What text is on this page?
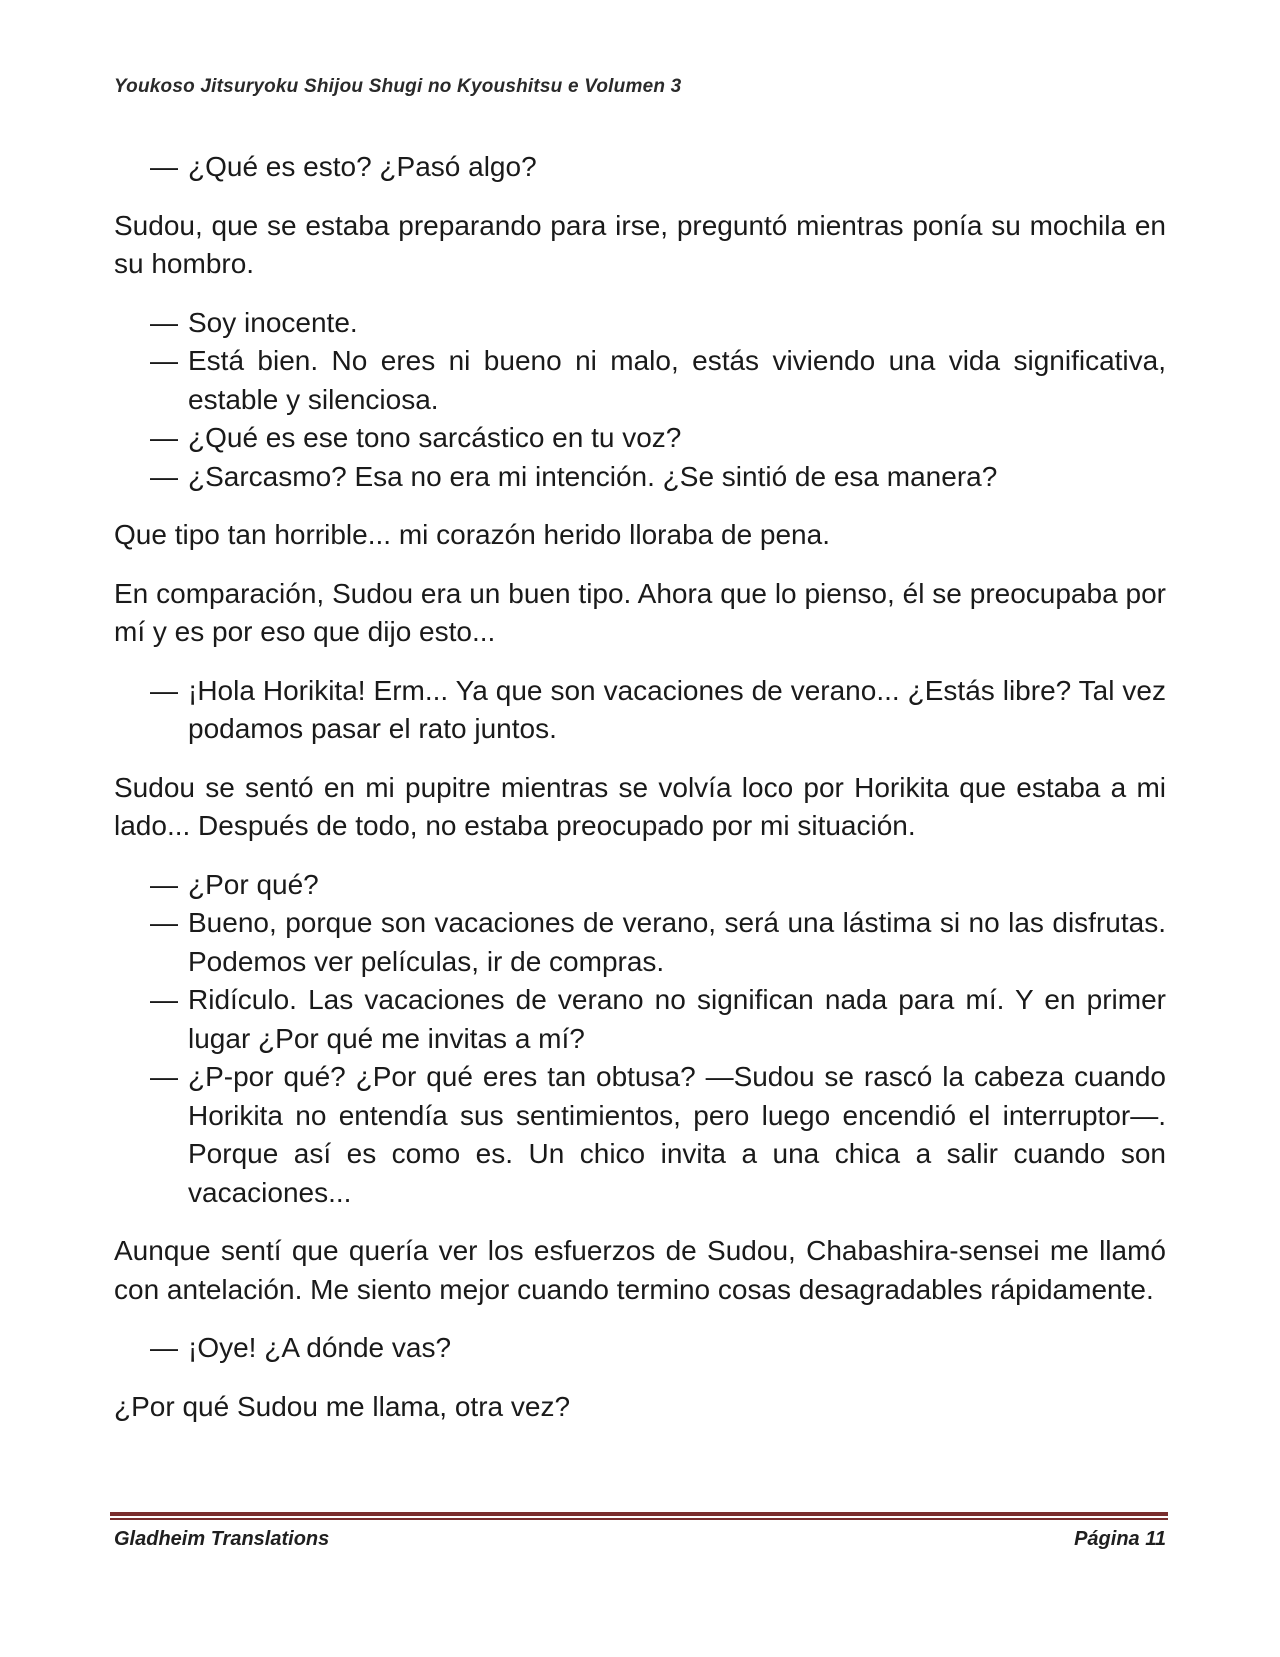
Youkoso Jitsuryoku Shijou Shugi no Kyoushitsu e Volumen 3
— ¿Qué es esto? ¿Pasó algo?

Sudou, que se estaba preparando para irse, preguntó mientras ponía su mochila en su hombro.

— Soy inocente.
— Está bien. No eres ni bueno ni malo, estás viviendo una vida significativa, estable y silenciosa.
— ¿Qué es ese tono sarcástico en tu voz?
— ¿Sarcasmo? Esa no era mi intención. ¿Se sintió de esa manera?

Que tipo tan horrible... mi corazón herido lloraba de pena.

En comparación, Sudou era un buen tipo. Ahora que lo pienso, él se preocupaba por mí y es por eso que dijo esto...

— ¡Hola Horikita! Erm... Ya que son vacaciones de verano... ¿Estás libre? Tal vez podamos pasar el rato juntos.

Sudou se sentó en mi pupitre mientras se volvía loco por Horikita que estaba a mi lado... Después de todo, no estaba preocupado por mi situación.

— ¿Por qué?
— Bueno, porque son vacaciones de verano, será una lástima si no las disfrutas. Podemos ver películas, ir de compras.
— Ridículo. Las vacaciones de verano no significan nada para mí. Y en primer lugar ¿Por qué me invitas a mí?
— ¿P-por qué? ¿Por qué eres tan obtusa? —Sudou se rascó la cabeza cuando Horikita no entendía sus sentimientos, pero luego encendió el interruptor—. Porque así es como es. Un chico invita a una chica a salir cuando son vacaciones...

Aunque sentí que quería ver los esfuerzos de Sudou, Chabashira-sensei me llamó con antelación. Me siento mejor cuando termino cosas desagradables rápidamente.

— ¡Oye! ¿A dónde vas?

¿Por qué Sudou me llama, otra vez?

Gladheim Translations	Página 11
